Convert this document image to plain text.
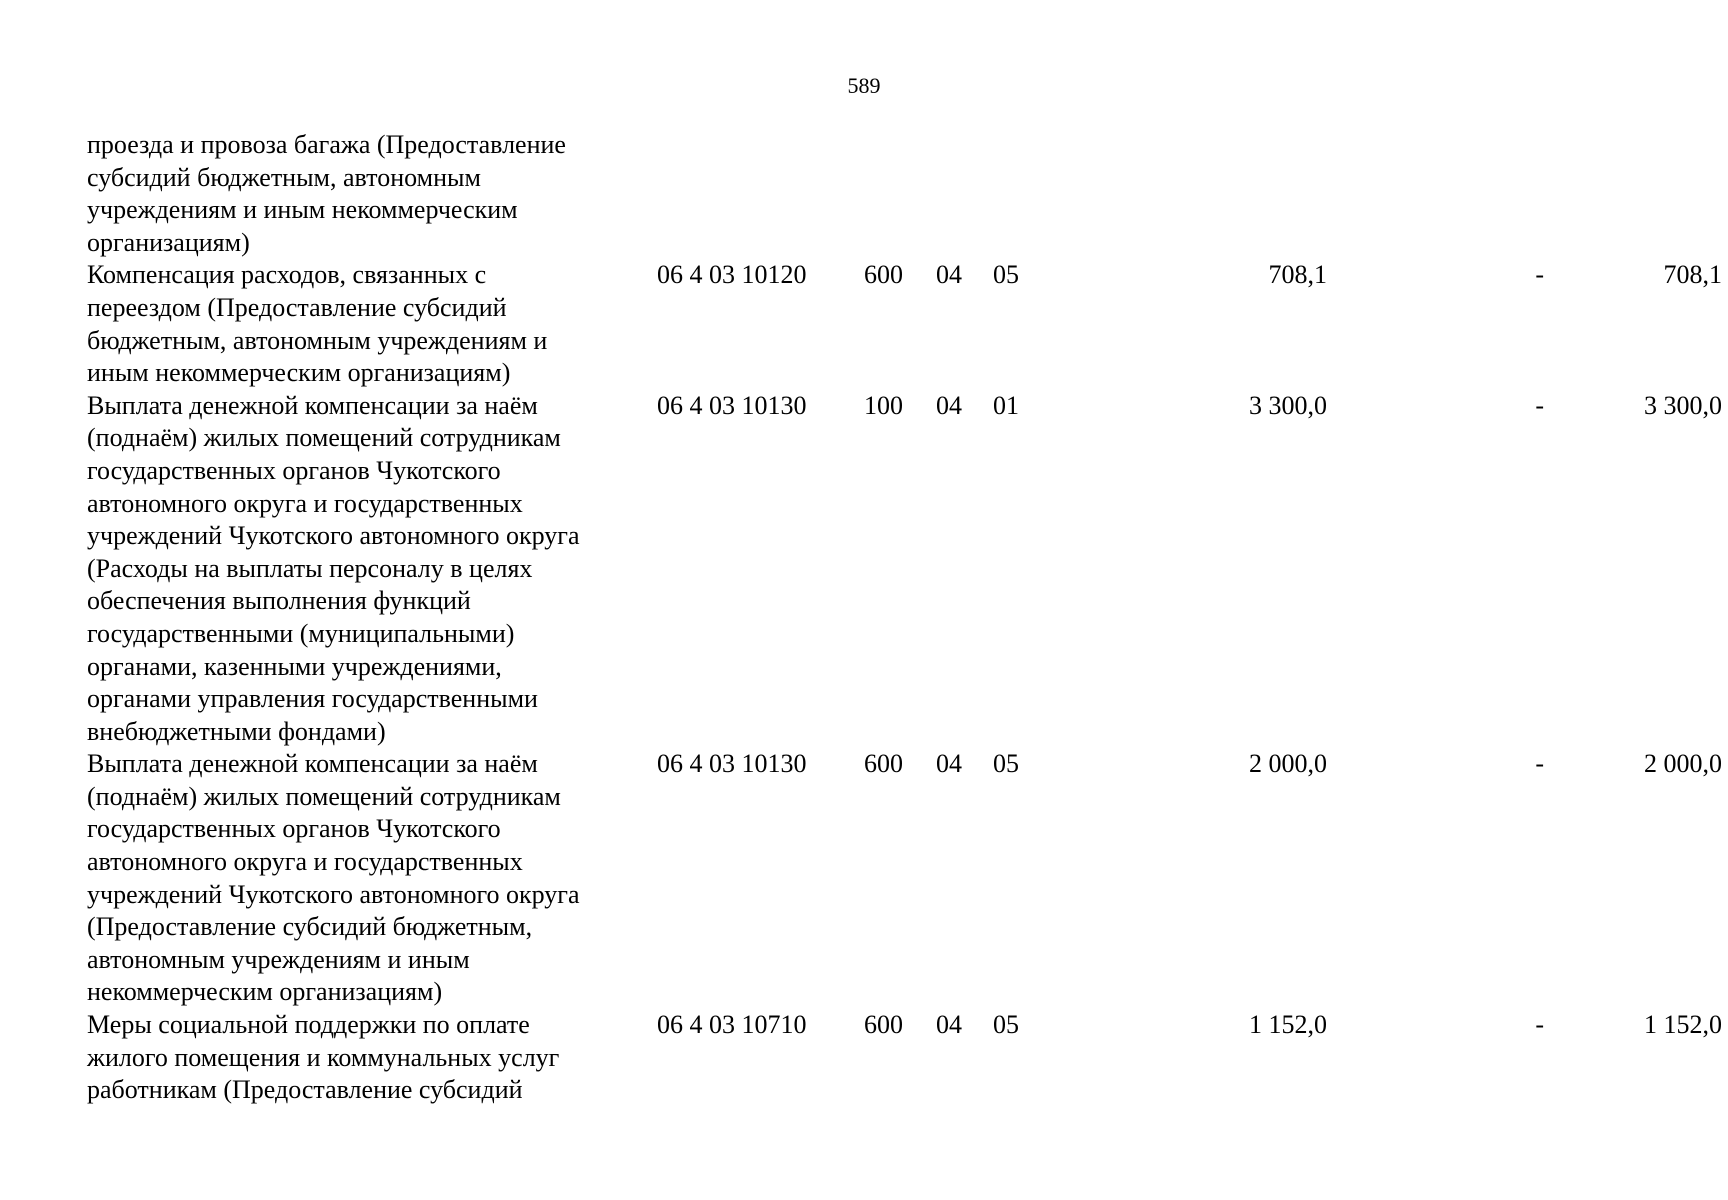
589
проезда и провоза багажа (Предоставление
субсидий бюджетным, автономным
учреждениям и иным некоммерческим
организациям)
Компенсация расходов, связанных с
переездом (Предоставление субсидий
бюджетным, автономным учреждениям и
иным некоммерческим организациям)
06 4 03 10120 600 04 05	708,1	-	708,1
Выплата денежной компенсации за наём
(поднаём) жилых помещений сотрудникам
государственных органов Чукотского
автономного округа и государственных
учреждений Чукотского автономного округа
(Расходы на выплаты персоналу в целях
обеспечения выполнения функций
государственными (муниципальными)
органами, казенными учреждениями,
органами управления государственными
внебюджетными фондами)
06 4 03 10130 100 04 01	3 300,0	-	3 300,0
Выплата денежной компенсации за наём
(поднаём) жилых помещений сотрудникам
государственных органов Чукотского
автономного округа и государственных
учреждений Чукотского автономного округа
(Предоставление субсидий бюджетным,
автономным учреждениям и иным
некоммерческим организациям)
06 4 03 10130 600 04 05	2 000,0	-	2 000,0
Меры социальной поддержки по оплате
жилого помещения и коммунальных услуг
работникам (Предоставление субсидий
06 4 03 10710 600 04 05	1 152,0	-	1 152,0
